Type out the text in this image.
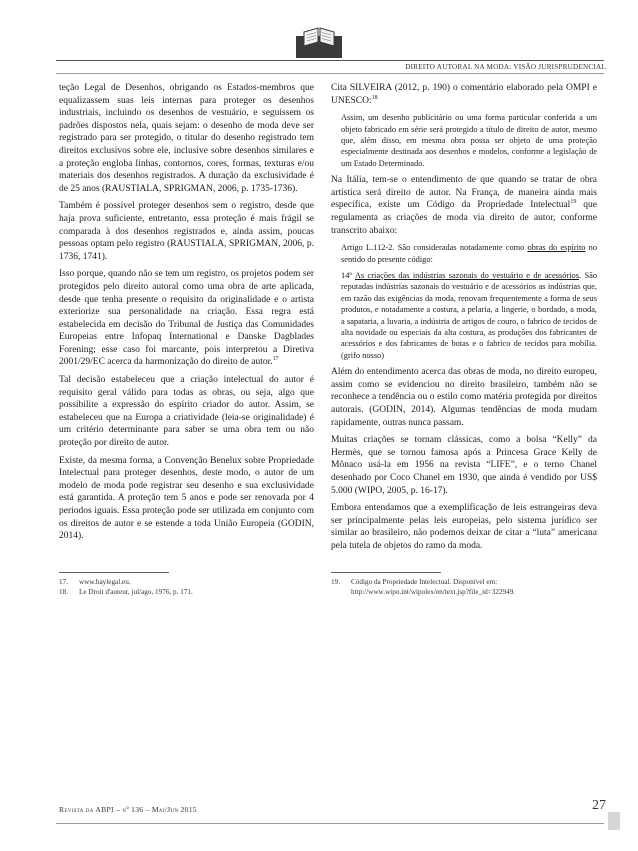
DIREITO AUTORAL NA MODA: VISÃO JURISPRUDENCIAL

teção Legal de Desenhos, obrigando os Estados-membros que equalizassem suas leis internas para proteger os desenhos industriais, incluindo os desenhos de vestuário, e seguissem os padrões dispostos nela, quais sejam: o desenho de moda deve ser registrado para ser protegido, o titular do desenho registrado tem direitos exclusivos sobre ele, inclusive sobre desenhos similares e a proteção engloba linhas, contornos, cores, formas, texturas e/ou materiais dos desenhos registrados. A duração da exclusividade é de 25 anos (RAUSTIALA, SPRIGMAN, 2006, p. 1735-1736).

Também é possível proteger desenhos sem o registro, desde que haja prova suficiente, entretanto, essa proteção é mais frágil se comparada à dos desenhos registrados e, ainda assim, poucas pessoas optam pelo registro (RAUSTIALA, SPRIGMAN, 2006, p. 1736, 1741).

Isso porque, quando não se tem um registro, os projetos podem ser protegidos pelo direito autoral como uma obra de arte aplicada, desde que tenha presente o requisito da originalidade e o artista exteriorize sua personalidade na criação. Essa regra está estabelecida em decisão do Tribunal de Justiça das Comunidades Europeias entre Infopaq International e Danske Dagblades Forening; esse caso foi marcante, pois interpretou a Diretiva 2001/29/EC acerca da harmonização do direito de autor.$^{17}$

Tal decisão estabeleceu que a criação intelectual do autor é requisito geral válido para todas as obras, ou seja, algo que possibilite a expressão do espírito criador do autor. Assim, se estabeleceu que na Europa a criatividade (leia-se originalidade) é um critério determinante para saber se uma obra tem ou não proteção por direito de autor.

Existe, da mesma forma, a Convenção Benelux sobre Propriedade Intelectual para proteger desenhos, deste modo, o autor de um modelo de moda pode registrar seu desenho e sua exclusividade está garantida. A proteção tem 5 anos e pode ser renovada por 4 períodos iguais. Essa proteção pode ser utilizada em conjunto com os direitos de autor e se estende a toda União Europeia (GODIN, 2014).

Cita SILVEIRA (2012, p. 190) o comentário elaborado pela OMPI e UNESCO:$^{18}$

Assim, um desenho publicitário ou uma forma particular conferida a um objeto fabricado em série será protegido a título de direito de autor, mesmo que, além disso, em mesma obra possa ser objeto de uma proteção especialmente destinada aos desenhos e modelos, conforme a legislação de um Estado Determinado.

Na Itália, tem-se o entendimento de que quando se tratar de obra artística será direito de autor. Na França, de maneira ainda mais específica, existe um Código da Propriedade Intelectual$^{19}$ que regulamenta as criações de moda via direito de autor, conforme transcrito abaixo:

Artigo L.112-2. São consideradas notadamente como obras do espírito no sentido do presente código:

14º As criações das indústrias sazonais do vestuário e de acessórios. São reputadas indústrias sazonais do vestuário e de acessórios as indústrias que, em razão das exigências da moda, renovam frequentemente a forma de seus produtos, e notadamente a costura, a pelaria, a lingerie, o bordado, a moda, a sapataria, a luvaria, a indústria de artigos de couro, o fabrico de tecidos de alta novidade ou especiais da alta costura, as produções dos fabricantes de acessórios e dos fabricantes de botas e o fabrico de tecidos para mobília. (grifo nosso)

Além do entendimento acerca das obras de moda, no direito europeu, assim como se evidenciou no direito brasileiro, também não se reconhece a tendência ou o estilo como matéria protegida por direitos autorais. (GODIN, 2014). Algumas tendências de moda mudam rapidamente, outras nunca passam.

Muitas criações se tornam clássicas, como a bolsa “Kelly” da Hermès, que se tornou famosa após a Princesa Grace Kelly de Mônaco usá-la em 1956 na revista “LIFE”, e o terno Chanel desenhado por Coco Chanel em 1930, que ainda é vendido por US$ 5.000 (WIPO, 2005, p. 16-17).

Embora entendamos que a exemplificação de leis estrangeiras deva ser principalmente pelas leis europeias, pelo sistema jurídico ser similar ao brasileiro, não podemos deixar de citar a “luta” americana pela tutela de objetos do ramo da moda.

17.	www.baylegal.eu.
18.	Le Droit d'auteur, jul/ago, 1976, p. 171.
19.	Código da Propriedade Intelectual. Disponível em: http://www.wipo.int/wipolex/en/text.jsp?file_id=322949.
Revista da ABPI – nº 136 – Mai/Jun 2015	27
